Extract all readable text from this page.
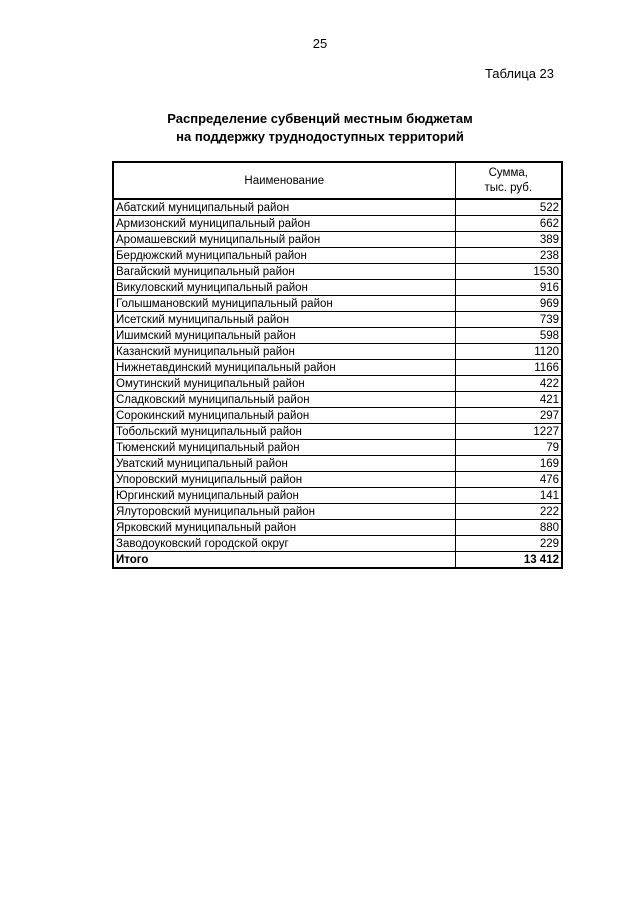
25
Таблица 23
Распределение субвенций местным бюджетам
на поддержку труднодоступных территорий
Наименование	Сумма,
тыс. руб.

Абатский муниципальный район	522
Армизонский муниципальный район	662
Аромашевский муниципальный район	389
Бердюжский муниципальный район	238
Вагайский муниципальный район	1530
Викуловский муниципальный район	916
Голышмановский муниципальный район	969
Исетский муниципальный район	739
Ишимский муниципальный район	598
Казанский муниципальный район	1120
Нижнетавдинский муниципальный район	1166
Омутинский муниципальный район	422
Сладковский муниципальный район	421
Сорокинский муниципальный район	297
Тобольский муниципальный район	1227
Тюменский муниципальный район	79
Уватский муниципальный район	169
Упоровский муниципальный район	476
Юргинский муниципальный район	141
Ялуторовский муниципальный район	222
Ярковский муниципальный район	880
Заводоуковский городской округ	229
Итого	13 412
